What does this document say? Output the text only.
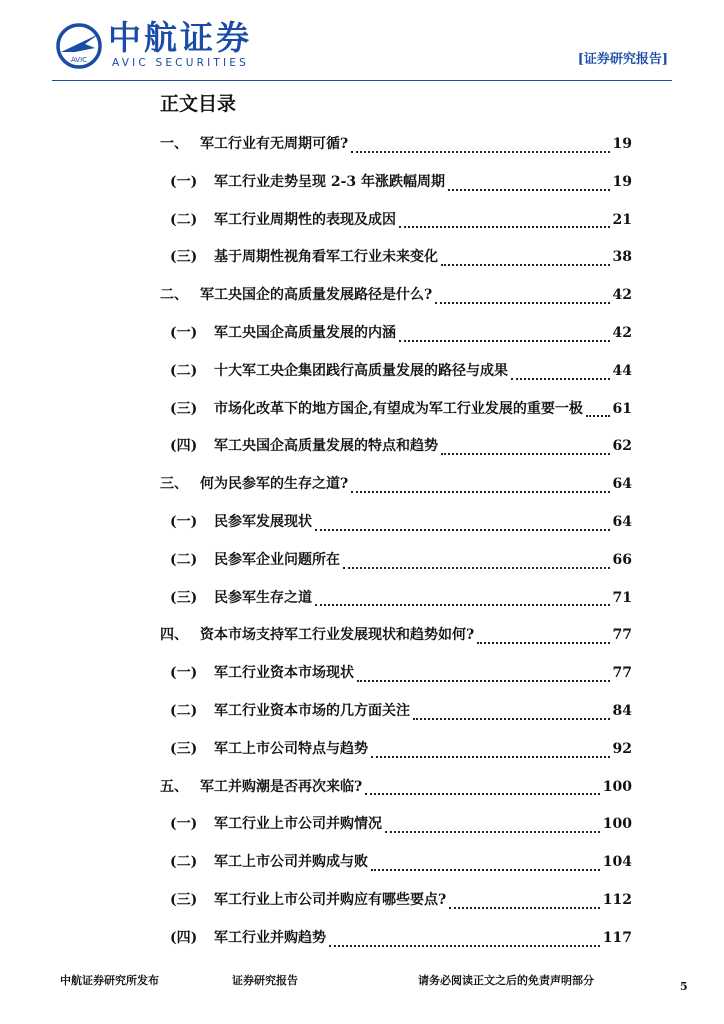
AVIC
中航证券
AVIC SECURITIES	[证券研究报告]
正文目录
一、 军工行业有无周期可循?	19
(一)	军工行业走势呈现 2-3 年涨跌幅周期	19
(二)	军工行业周期性的表现及成因	21
(三)	基于周期性视角看军工行业未来变化	38
二、 军工央国企的高质量发展路径是什么?	42
(一)	军工央国企高质量发展的内涵	42
(二)	十大军工央企集团践行高质量发展的路径与成果	44
(三)	市场化改革下的地方国企,有望成为军工行业发展的重要一极 61
(四)	军工央国企高质量发展的特点和趋势	62
三、 何为民参军的生存之道?	64
(一)	民参军发展现状	64
(二)	民参军企业问题所在	66
(三)	民参军生存之道	71
四、 资本市场支持军工行业发展现状和趋势如何?	77
(一)	军工行业资本市场现状	77
(二)	军工行业资本市场的几方面关注	84
(三)	军工上市公司特点与趋势	92
五、 军工并购潮是否再次来临?	100
(一)	军工行业上市公司并购情况	100
(二)	军工上市公司并购成与败	104
(三)	军工行业上市公司并购应有哪些要点?	112
(四)	军工行业并购趋势	117
中航证券研究所发布	证券研究报告	请务必阅读正文之后的免责声明部分	5
